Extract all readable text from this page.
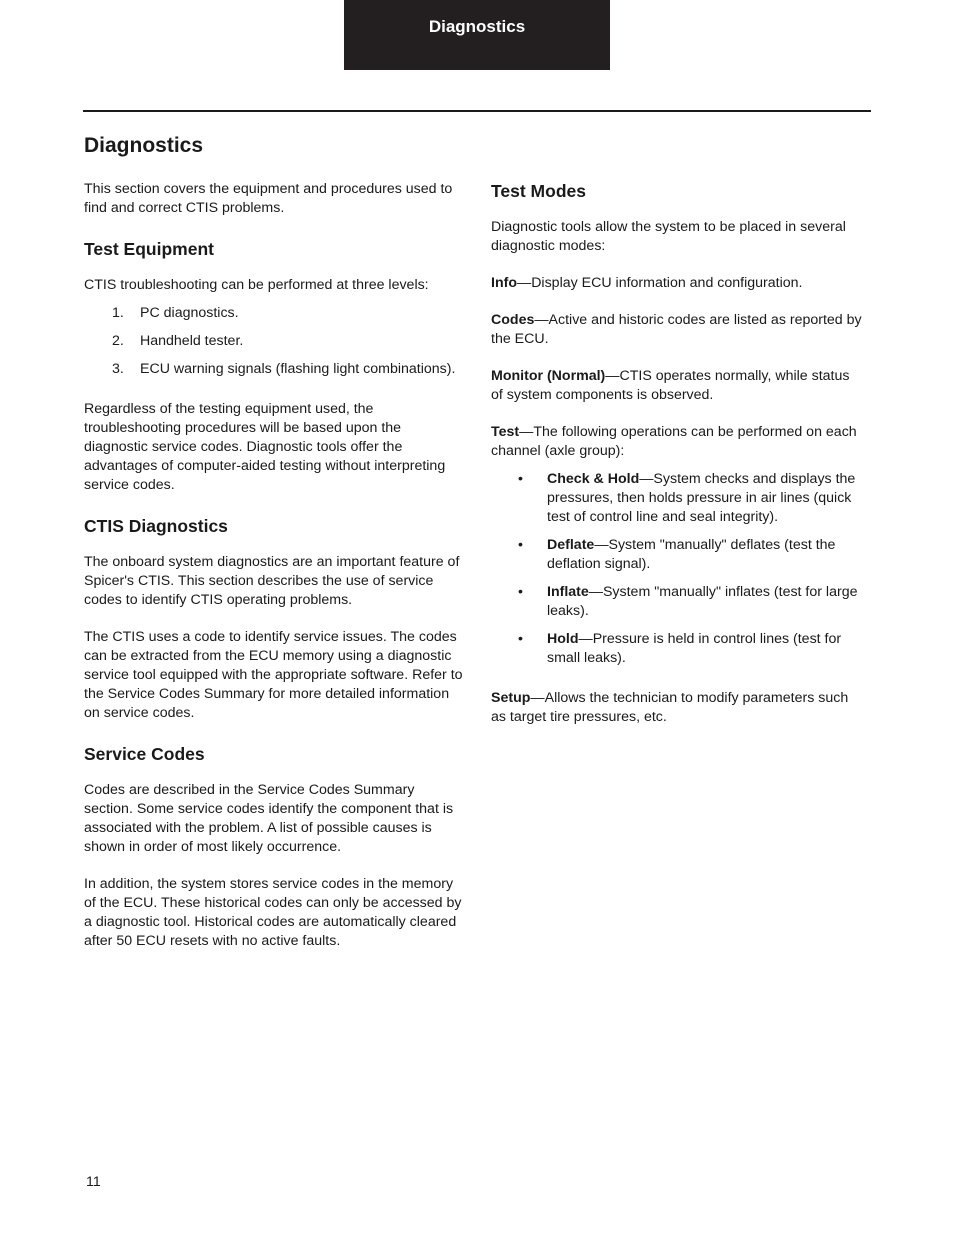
Diagnostics
Diagnostics

This section covers the equipment and procedures used to find and correct CTIS problems.

Test Equipment

CTIS troubleshooting can be performed at three levels:

1. PC diagnostics.
2. Handheld tester.
3. ECU warning signals (flashing light combinations).

Regardless of the testing equipment used, the troubleshooting procedures will be based upon the diagnostic service codes. Diagnostic tools offer the advantages of computer-aided testing without interpreting service codes.

CTIS Diagnostics

The onboard system diagnostics are an important feature of Spicer's CTIS. This section describes the use of service codes to identify CTIS operating problems.

The CTIS uses a code to identify service issues. The codes can be extracted from the ECU memory using a diagnostic service tool equipped with the appropriate software. Refer to the Service Codes Summary for more detailed information on service codes.

Service Codes

Codes are described in the Service Codes Summary section. Some service codes identify the component that is associated with the problem. A list of possible causes is shown in order of most likely occurrence.

In addition, the system stores service codes in the memory of the ECU. These historical codes can only be accessed by a diagnostic tool. Historical codes are automatically cleared after 50 ECU resets with no active faults.

Test Modes

Diagnostic tools allow the system to be placed in several diagnostic modes:

Info—Display ECU information and configuration.

Codes—Active and historic codes are listed as reported by the ECU.

Monitor (Normal)—CTIS operates normally, while status of system components is observed.

Test—The following operations can be performed on each channel (axle group):

• Check & Hold—System checks and displays the pressures, then holds pressure in air lines (quick test of control line and seal integrity).
• Deflate—System "manually" deflates (test the deflation signal).
• Inflate—System "manually" inflates (test for large leaks).
• Hold—Pressure is held in control lines (test for small leaks).

Setup—Allows the technician to modify parameters such as target tire pressures, etc.

11
